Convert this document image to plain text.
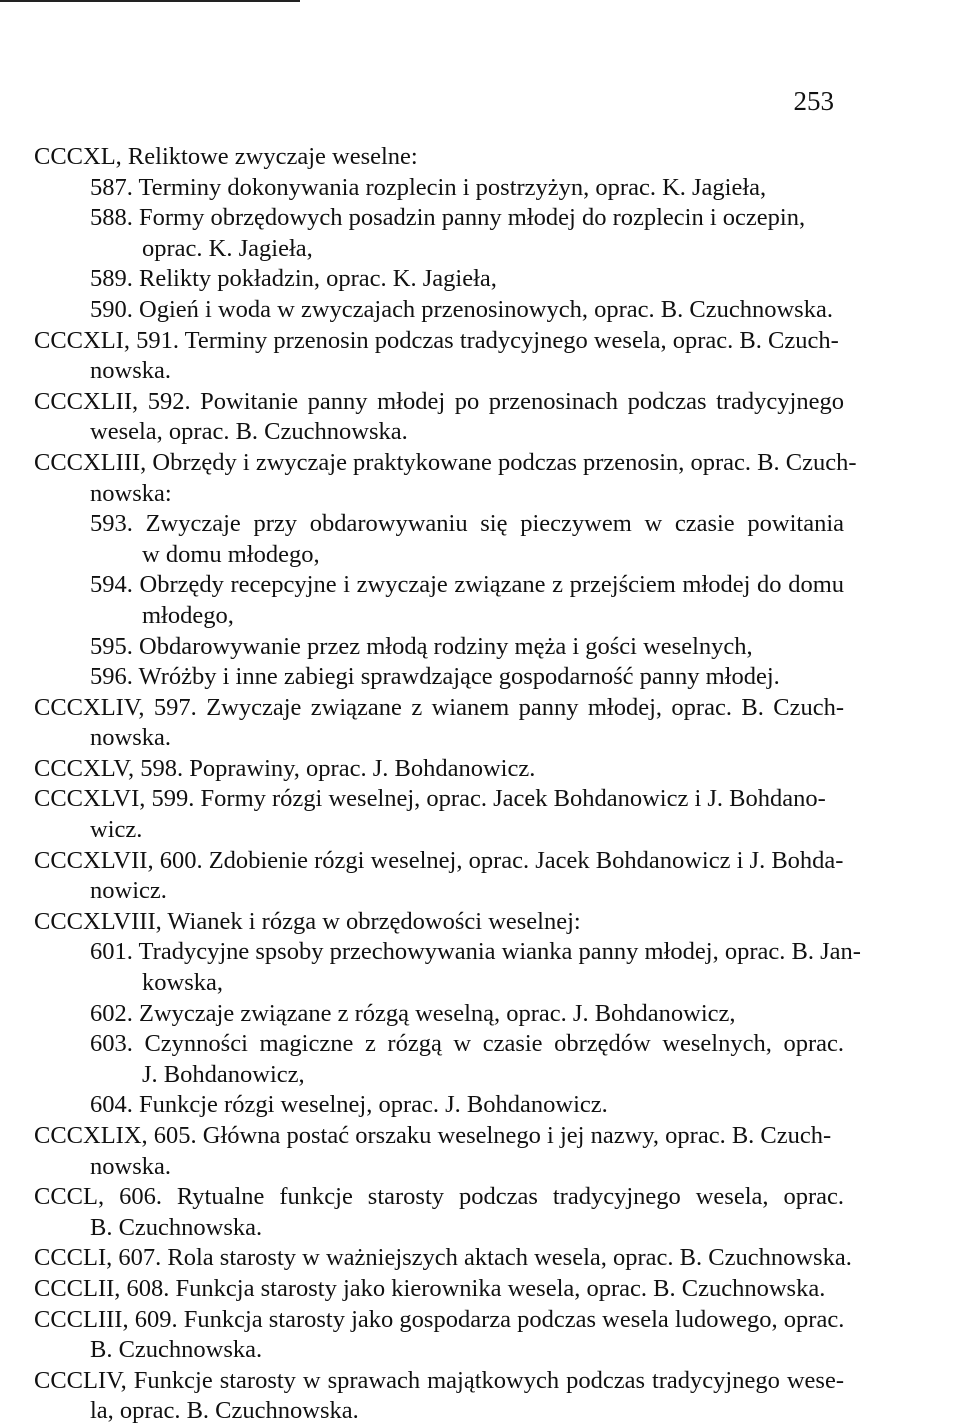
253
CCCXL, Reliktowe zwyczaje weselne:
587. Terminy dokonywania rozplecin i postrzyżyn, oprac. K. Jagieła,
588. Formy obrzędowych posadzin panny młodej do rozplecin i oczepin,
oprac. K. Jagieła,
589. Relikty pokładzin, oprac. K. Jagieła,
590. Ogień i woda w zwyczajach przenosinowych, oprac. B. Czuchnowska.
CCCXLI, 591. Terminy przenosin podczas tradycyjnego wesela, oprac. B. Czuch-
nowska.
CCCXLII, 592. Powitanie panny młodej po przenosinach podczas tradycyjnego
wesela, oprac. B. Czuchnowska.
CCCXLIII, Obrzędy i zwyczaje praktykowane podczas przenosin, oprac. B. Czuch-
nowska:
593. Zwyczaje przy obdarowywaniu się pieczywem w czasie powitania
w domu młodego,
594. Obrzędy recepcyjne i zwyczaje związane z przejściem młodej do domu
młodego,
595. Obdarowywanie przez młodą rodziny męża i gości weselnych,
596. Wróżby i inne zabiegi sprawdzające gospodarność panny młodej.
CCCXLIV, 597. Zwyczaje związane z wianem panny młodej, oprac. B. Czuch-
nowska.
CCCXLV, 598. Poprawiny, oprac. J. Bohdanowicz.
CCCXLVI, 599. Formy rózgi weselnej, oprac. Jacek Bohdanowicz i J. Bohdano-
wicz.
CCCXLVII, 600. Zdobienie rózgi weselnej, oprac. Jacek Bohdanowicz i J. Bohda-
nowicz.
CCCXLVIII, Wianek i rózga w obrzędowości weselnej:
601. Tradycyjne spsoby przechowywania wianka panny młodej, oprac. B. Jan-
kowska,
602. Zwyczaje związane z rózgą weselną, oprac. J. Bohdanowicz,
603. Czynności magiczne z rózgą w czasie obrzędów weselnych, oprac.
J. Bohdanowicz,
604. Funkcje rózgi weselnej, oprac. J. Bohdanowicz.
CCCXLIX, 605. Główna postać orszaku weselnego i jej nazwy, oprac. B. Czuch-
nowska.
CCCL, 606. Rytualne funkcje starosty podczas tradycyjnego wesela, oprac.
B. Czuchnowska.
CCCLI, 607. Rola starosty w ważniejszych aktach wesela, oprac. B. Czuchnowska.
CCCLII, 608. Funkcja starosty jako kierownika wesela, oprac. B. Czuchnowska.
CCCLIII, 609. Funkcja starosty jako gospodarza podczas wesela ludowego, oprac.
B. Czuchnowska.
CCCLIV, Funkcje starosty w sprawach majątkowych podczas tradycyjnego wese-
la, oprac. B. Czuchnowska.
